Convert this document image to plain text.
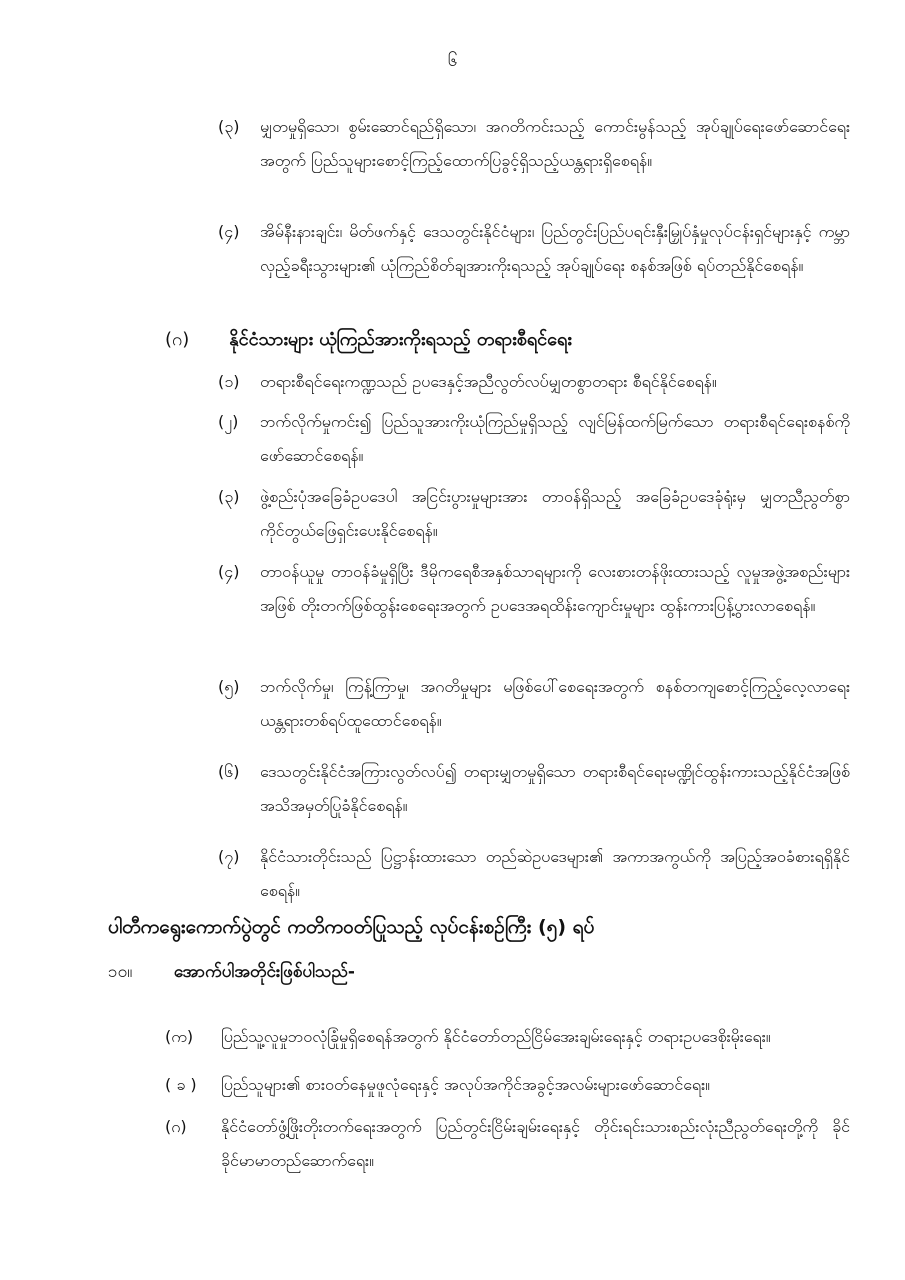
၆
(၃) မျှတမှုရှိသော၊ စွမ်းဆောင်ရည်ရှိသော၊ အဂတိကင်းသည့် ကောင်းမွန်သည့် အုပ်ချုပ်ရေးဖော်ဆောင်ရေးအတွက် ပြည်သူများစောင့်ကြည့်ထောက်ပြခွင့်ရှိသည့်ယန္တရားရှိစေရန်။
(၄) အိမ်နီးနားချင်း၊ မိတ်ဖက်နှင့် ဒေသတွင်းနိုင်ငံများ၊ ပြည်တွင်းပြည်ပရင်းနှီးမြှုပ်နှံမှုလုပ်ငန်းရှင်များနှင့် ကမ္ဘာလှည့်ခရီးသွားများ၏ ယုံကြည်စိတ်ချအားကိုးရသည့် အုပ်ချုပ်ရေး စနစ်အဖြစ် ရပ်တည်နိုင်စေရန်။
(ဂ) နိုင်ငံသားများ ယုံကြည်အားကိုးရသည့် တရားစီရင်ရေး
(၁) တရားစီရင်ရေးကဏ္ဍသည် ဥပဒေနှင့်အညီလွတ်လပ်မျှတစွာတရား စီရင်နိုင်စေရန်။
(၂) ဘက်လိုက်မှုကင်း၍ ပြည်သူအားကိုးယုံကြည်မှုရှိသည့် လျင်မြန်ထက်မြက်သော တရားစီရင်ရေးစနစ်ကိုဖော်ဆောင်စေရန်။
(၃) ဖွဲ့စည်းပုံအခြေခံဥပဒေပါ အငြင်းပွားမှုများအား တာဝန်ရှိသည့် အခြေခံဥပဒေခုံရုံးမှ မျှတညီညွတ်စွာ ကိုင်တွယ်ဖြေရှင်းပေးနိုင်စေရန်။
(၄) တာဝန်ယူမှု တာဝန်ခံမှုရှိပြီး ဒီမိုကရေစီအနှစ်သာရများကို လေးစားတန်ဖိုးထားသည့် လူမှုအဖွဲ့အစည်းများအဖြစ် တိုးတက်ဖြစ်ထွန်းစေရေးအတွက် ဥပဒေအရထိန်းကျောင်းမှုများ ထွန်းကားပြန့်ပွားလာစေရန်။
(၅) ဘက်လိုက်မှု၊ ကြန့်ကြာမှု၊ အဂတိမှုများ မဖြစ်ပေါ်စေရေးအတွက် စနစ်တကျစောင့်ကြည့်လေ့လာရေးယန္တရားတစ်ရပ်ထူထောင်စေရန်။
(၆) ဒေသတွင်းနိုင်ငံအကြားလွတ်လပ်၍ တရားမျှတမှုရှိသော တရားစီရင်ရေးမဏ္ဍိုင်ထွန်းကားသည့်နိုင်ငံအဖြစ်အသိအမှတ်ပြုခံနိုင်စေရန်။
(၇) နိုင်ငံသားတိုင်းသည် ပြဋ္ဌာန်းထားသော တည်ဆဲဥပဒေများ၏ အကာအကွယ်ကို အပြည့်အဝခံစားရရှိနိုင်စေရန်။
ပါတီကရွေးကောက်ပွဲတွင် ကတိကဝတ်ပြုသည့် လုပ်ငန်းစဉ်ကြီး (၅) ရပ်
၁၀။ အောက်ပါအတိုင်းဖြစ်ပါသည်-
(က) ပြည်သူ့လူမှုဘဝလုံခြုံမှုရှိစေရန်အတွက် နိုင်ငံတော်တည်ငြိမ်အေးချမ်းရေးနှင့် တရားဥပဒေစိုးမိုးရေး။
( ခ ) ပြည်သူများ၏ စားဝတ်နေမှုဖူလုံရေးနှင့် အလုပ်အကိုင်အခွင့်အလမ်းများဖော်ဆောင်ရေး။
(ဂ) နိုင်ငံတော်ဖွံ့ဖြိုးတိုးတက်ရေးအတွက် ပြည်တွင်းငြိမ်းချမ်းရေးနှင့် တိုင်းရင်းသားစည်းလုံးညီညွတ်ရေးတို့ကို ခိုင်ခိုင်မာမာတည်ဆောက်ရေး။
